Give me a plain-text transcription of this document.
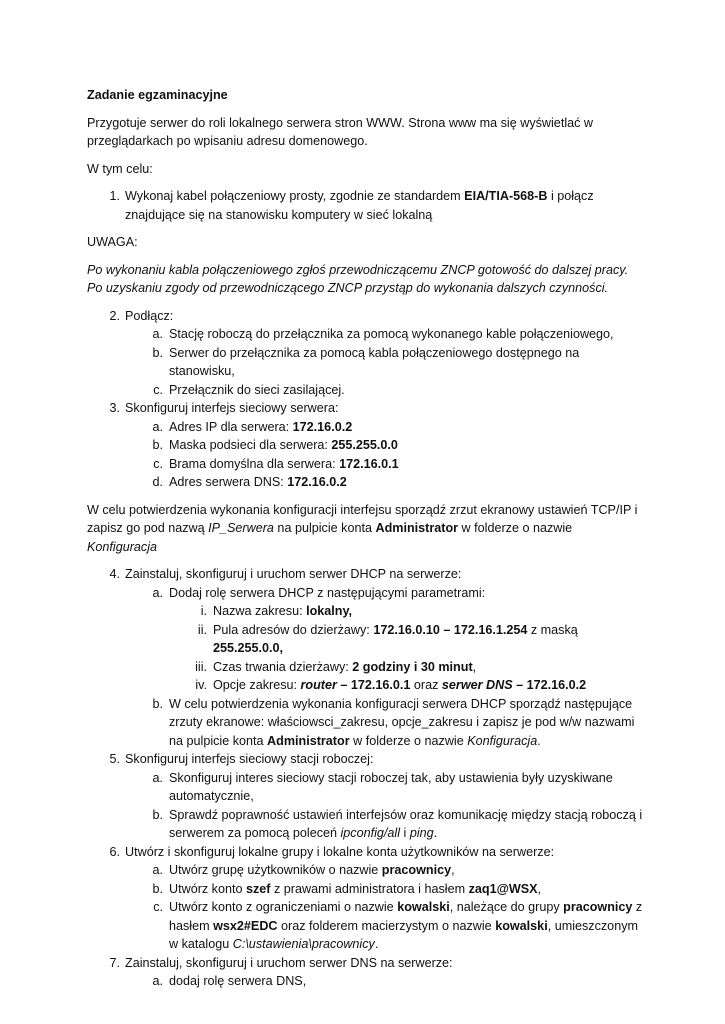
Zadanie egzaminacyjne

Przygotuje serwer do roli lokalnego serwera stron WWW. Strona www ma się wyświetlać w przeglądarkach po wpisaniu adresu domenowego.

W tym celu:

1. Wykonaj kabel połączeniowy prosty, zgodnie ze standardem EIA/TIA-568-B i połącz znajdujące się na stanowisku komputery w sieć lokalną

UWAGA:

Po wykonaniu kabla połączeniowego zgłoś przewodniczącemu ZNCP gotowość do dalszej pracy. Po uzyskaniu zgody od przewodniczącego ZNCP przystąp do wykonania dalszych czynności.

2. Podłącz:
a. Stację roboczą do przełącznika za pomocą wykonanego kable połączeniowego,
b. Serwer do przełącznika za pomocą kabla połączeniowego dostępnego na stanowisku,
c. Przełącznik do sieci zasilającej.
3. Skonfiguruj interfejs sieciowy serwera:
a. Adres IP dla serwera: 172.16.0.2
b. Maska podsieci dla serwera: 255.255.0.0
c. Brama domyślna dla serwera: 172.16.0.1
d. Adres serwera DNS: 172.16.0.2

W celu potwierdzenia wykonania konfiguracji interfejsu sporządź zrzut ekranowy ustawień TCP/IP i zapisz go pod nazwą IP_Serwera na pulpicie konta Administrator w folderze o nazwie Konfiguracja

4. Zainstaluj, skonfiguruj i uruchom serwer DHCP na serwerze:
a. Dodaj rolę serwera DHCP z następującymi parametrami:
i. Nazwa zakresu: lokalny,
ii. Pula adresów do dzierżawy: 172.16.0.10 – 172.16.1.254 z maską 255.255.0.0,
iii. Czas trwania dzierżawy: 2 godziny i 30 minut,
iv. Opcje zakresu: router – 172.16.0.1 oraz serwer DNS – 172.16.0.2
b. W celu potwierdzenia wykonania konfiguracji serwera DHCP sporządź następujące zrzuty ekranowe: właściowsci_zakresu, opcje_zakresu i zapisz je pod w/w nazwami na pulpicie konta Administrator w folderze o nazwie Konfiguracja.
5. Skonfiguruj interfejs sieciowy stacji roboczej:
a. Skonfiguruj interes sieciowy stacji roboczej tak, aby ustawienia były uzyskiwane automatycznie,
b. Sprawdź poprawność ustawień interfejsów oraz komunikację między stacją roboczą i serwerem za pomocą poleceń ipconfig/all i ping.
6. Utwórz i skonfiguruj lokalne grupy i lokalne konta użytkowników na serwerze:
a. Utwórz grupę użytkowników o nazwie pracownicy,
b. Utwórz konto szef z prawami administratora i hasłem zaq1@WSX,
c. Utwórz konto z ograniczeniami o nazwie kowalski, należące do grupy pracownicy z hasłem wsx2#EDC oraz folderem macierzystym o nazwie kowalski, umieszczonym w katalogu C:\ustawienia\pracownicy.
7. Zainstaluj, skonfiguruj i uruchom serwer DNS na serwerze:
a. dodaj rolę serwera DNS,
